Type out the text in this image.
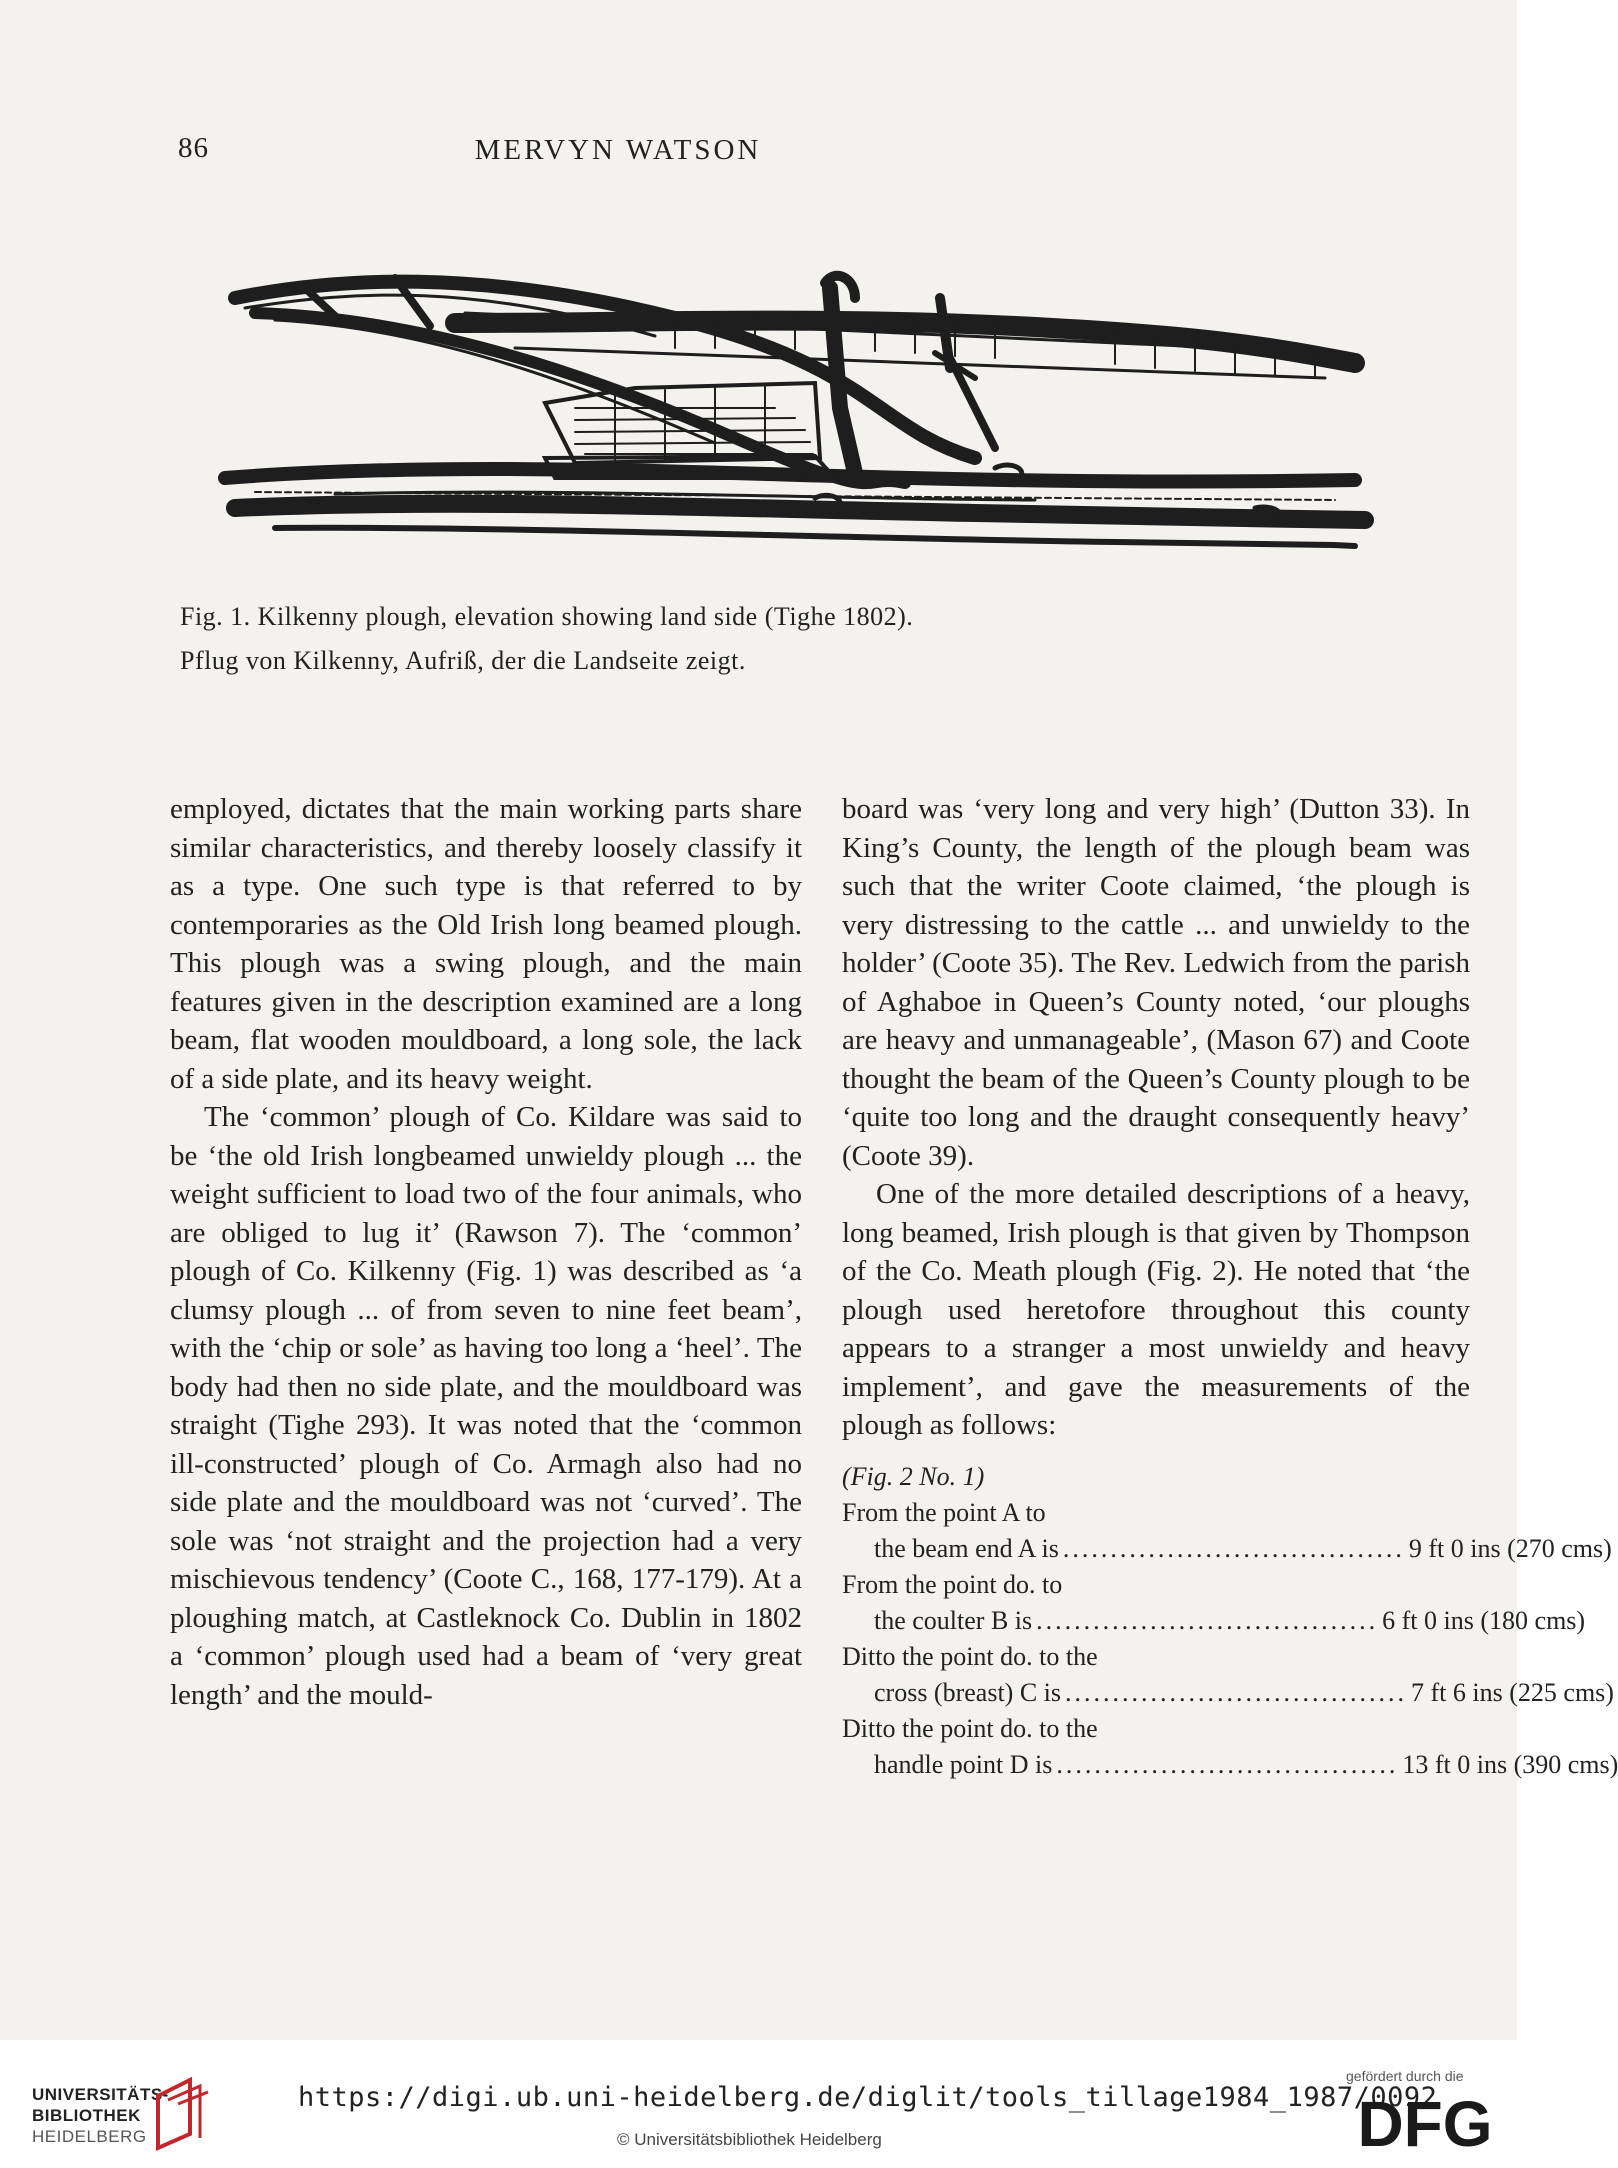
86	MERVYN WATSON
Fig. 1. Kilkenny plough, elevation showing land side (Tighe 1802).
Pflug von Kilkenny, Aufriß, der die Landseite zeigt.

employed, dictates that the main working parts share similar characteristics, and thereby loosely classify it as a type. One such type is that referred to by contemporaries as the Old Irish long beamed plough. This plough was a swing plough, and the main features given in the description examined are a long beam, flat wooden mouldboard, a long sole, the lack of a side plate, and its heavy weight.

The ‘common’ plough of Co. Kildare was said to be ‘the old Irish longbeamed unwieldy plough ... the weight sufficient to load two of the four animals, who are obliged to lug it’ (Rawson 7). The ‘common’ plough of Co. Kilkenny (Fig. 1) was described as ‘a clumsy plough ... of from seven to nine feet beam’, with the ‘chip or sole’ as having too long a ‘heel’. The body had then no side plate, and the mouldboard was straight (Tighe 293). It was noted that the ‘common ill-constructed’ plough of Co. Armagh also had no side plate and the mouldboard was not ‘curved’. The sole was ‘not straight and the projection had a very mischievous tendency’ (Coote C., 168, 177-179). At a ploughing match, at Castleknock Co. Dublin in 1802 a ‘common’ plough used had a beam of ‘very great length’ and the mould-

board was ‘very long and very high’ (Dutton 33). In King’s County, the length of the plough beam was such that the writer Coote claimed, ‘the plough is very distressing to the cattle ... and unwieldy to the holder’ (Coote 35). The Rev. Ledwich from the parish of Aghaboe in Queen’s County noted, ‘our ploughs are heavy and unmanageable’, (Mason 67) and Coote thought the beam of the Queen’s County plough to be ‘quite too long and the draught consequently heavy’ (Coote 39).

One of the more detailed descriptions of a heavy, long beamed, Irish plough is that given by Thompson of the Co. Meath plough (Fig. 2). He noted that ‘the plough used heretofore throughout this county appears to a stranger a most unwieldy and heavy implement’, and gave the measurements of the plough as follows:

(Fig. 2 No. 1)
From the point A to
the beam end A is .................................... 9 ft 0 ins (270 cms)
From the point do. to
the coulter B is .................................... 6 ft 0 ins (180 cms)
Ditto the point do. to the
cross (breast) C is .................................... 7 ft 6 ins (225 cms)
Ditto the point do. to the
handle point D is .................................... 13 ft 0 ins (390 cms)
UNIVERSITÄTS-
BIBLIOTHEK
HEIDELBERG
https://digi.ub.uni-heidelberg.de/diglit/tools_tillage1984_1987/0092
© Universitätsbibliothek Heidelberg
gefördert durch die
DFG
